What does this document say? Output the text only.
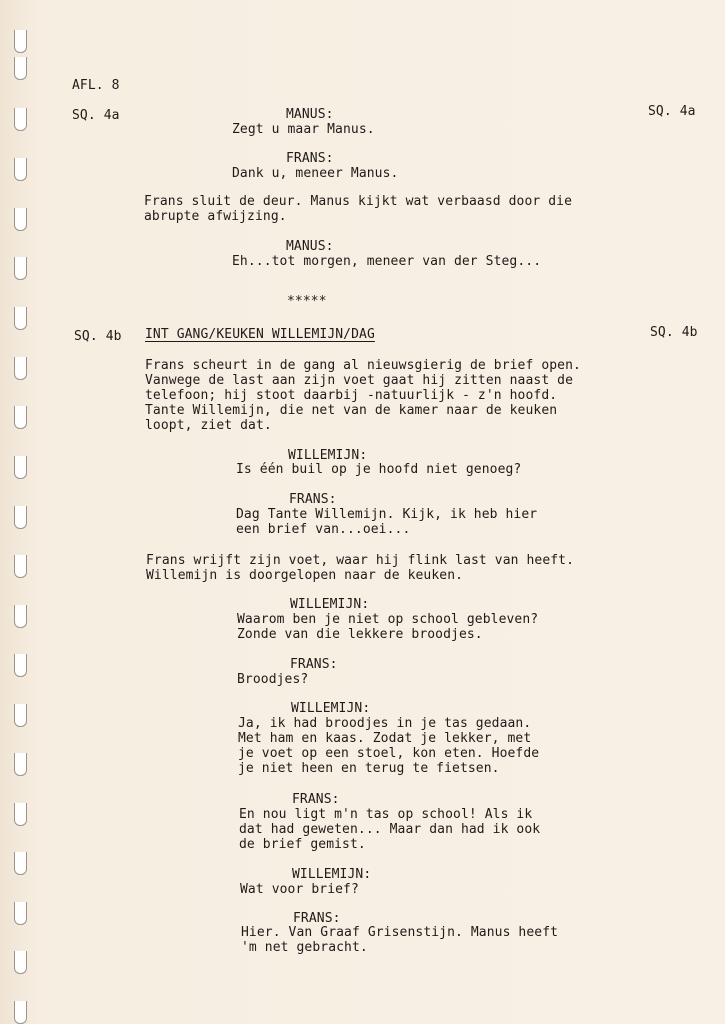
AFL. 8
SQ. 4a	SQ. 4a
MANUS:
Zegt u maar Manus.
FRANS:
Dank u, meneer Manus.
Frans sluit de deur. Manus kijkt wat verbaasd door die
abrupte afwijzing.
MANUS:
Eh...tot morgen, meneer van der Steg...
*****
SQ. 4b	SQ. 4b
INT GANG/KEUKEN WILLEMIJN/DAG
Frans scheurt in de gang al nieuwsgierig de brief open.
Vanwege de last aan zijn voet gaat hij zitten naast de
telefoon; hij stoot daarbij -natuurlijk - z'n hoofd.
Tante Willemijn, die net van de kamer naar de keuken
loopt, ziet dat.
WILLEMIJN:
Is één buil op je hoofd niet genoeg?
FRANS:
Dag Tante Willemijn. Kijk, ik heb hier
een brief van...oei...
Frans wrijft zijn voet, waar hij flink last van heeft.
Willemijn is doorgelopen naar de keuken.
WILLEMIJN:
Waarom ben je niet op school gebleven?
Zonde van die lekkere broodjes.
FRANS:
Broodjes?
WILLEMIJN:
Ja, ik had broodjes in je tas gedaan.
Met ham en kaas. Zodat je lekker, met
je voet op een stoel, kon eten. Hoefde
je niet heen en terug te fietsen.
FRANS:
En nou ligt m'n tas op school! Als ik
dat had geweten... Maar dan had ik ook
de brief gemist.
WILLEMIJN:
Wat voor brief?
FRANS:
Hier. Van Graaf Grisenstijn. Manus heeft
'm net gebracht.
